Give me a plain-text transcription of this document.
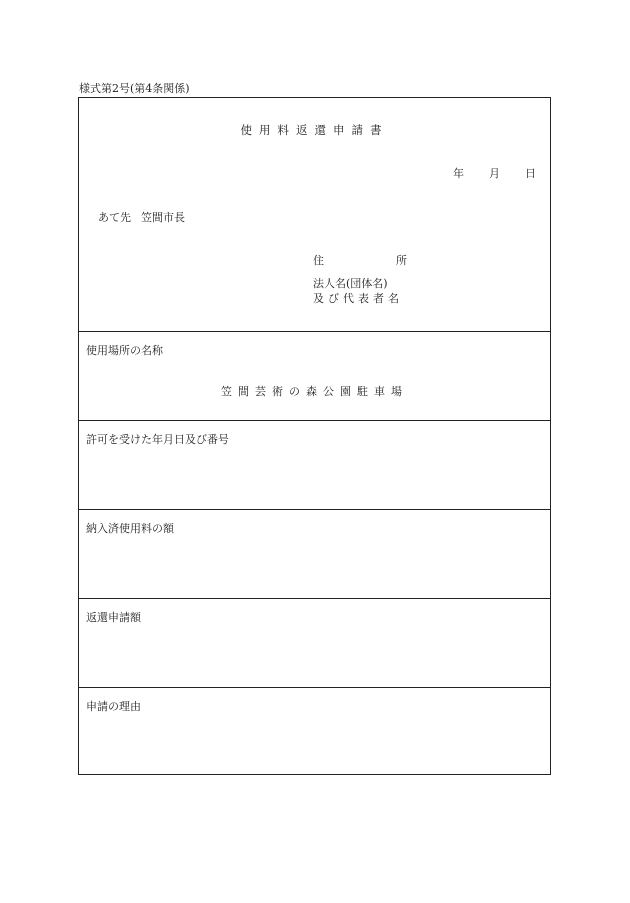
様式第2号(第4条関係)
使用料返還申請書
年 月 日
あて先 笠間市長
住	所
法人名(団体名)
及び代表者名
使用場所の名称
笠間芸術の森公園駐車場
許可を受けた年月日及び番号
納入済使用料の額
返還申請額
申請の理由
